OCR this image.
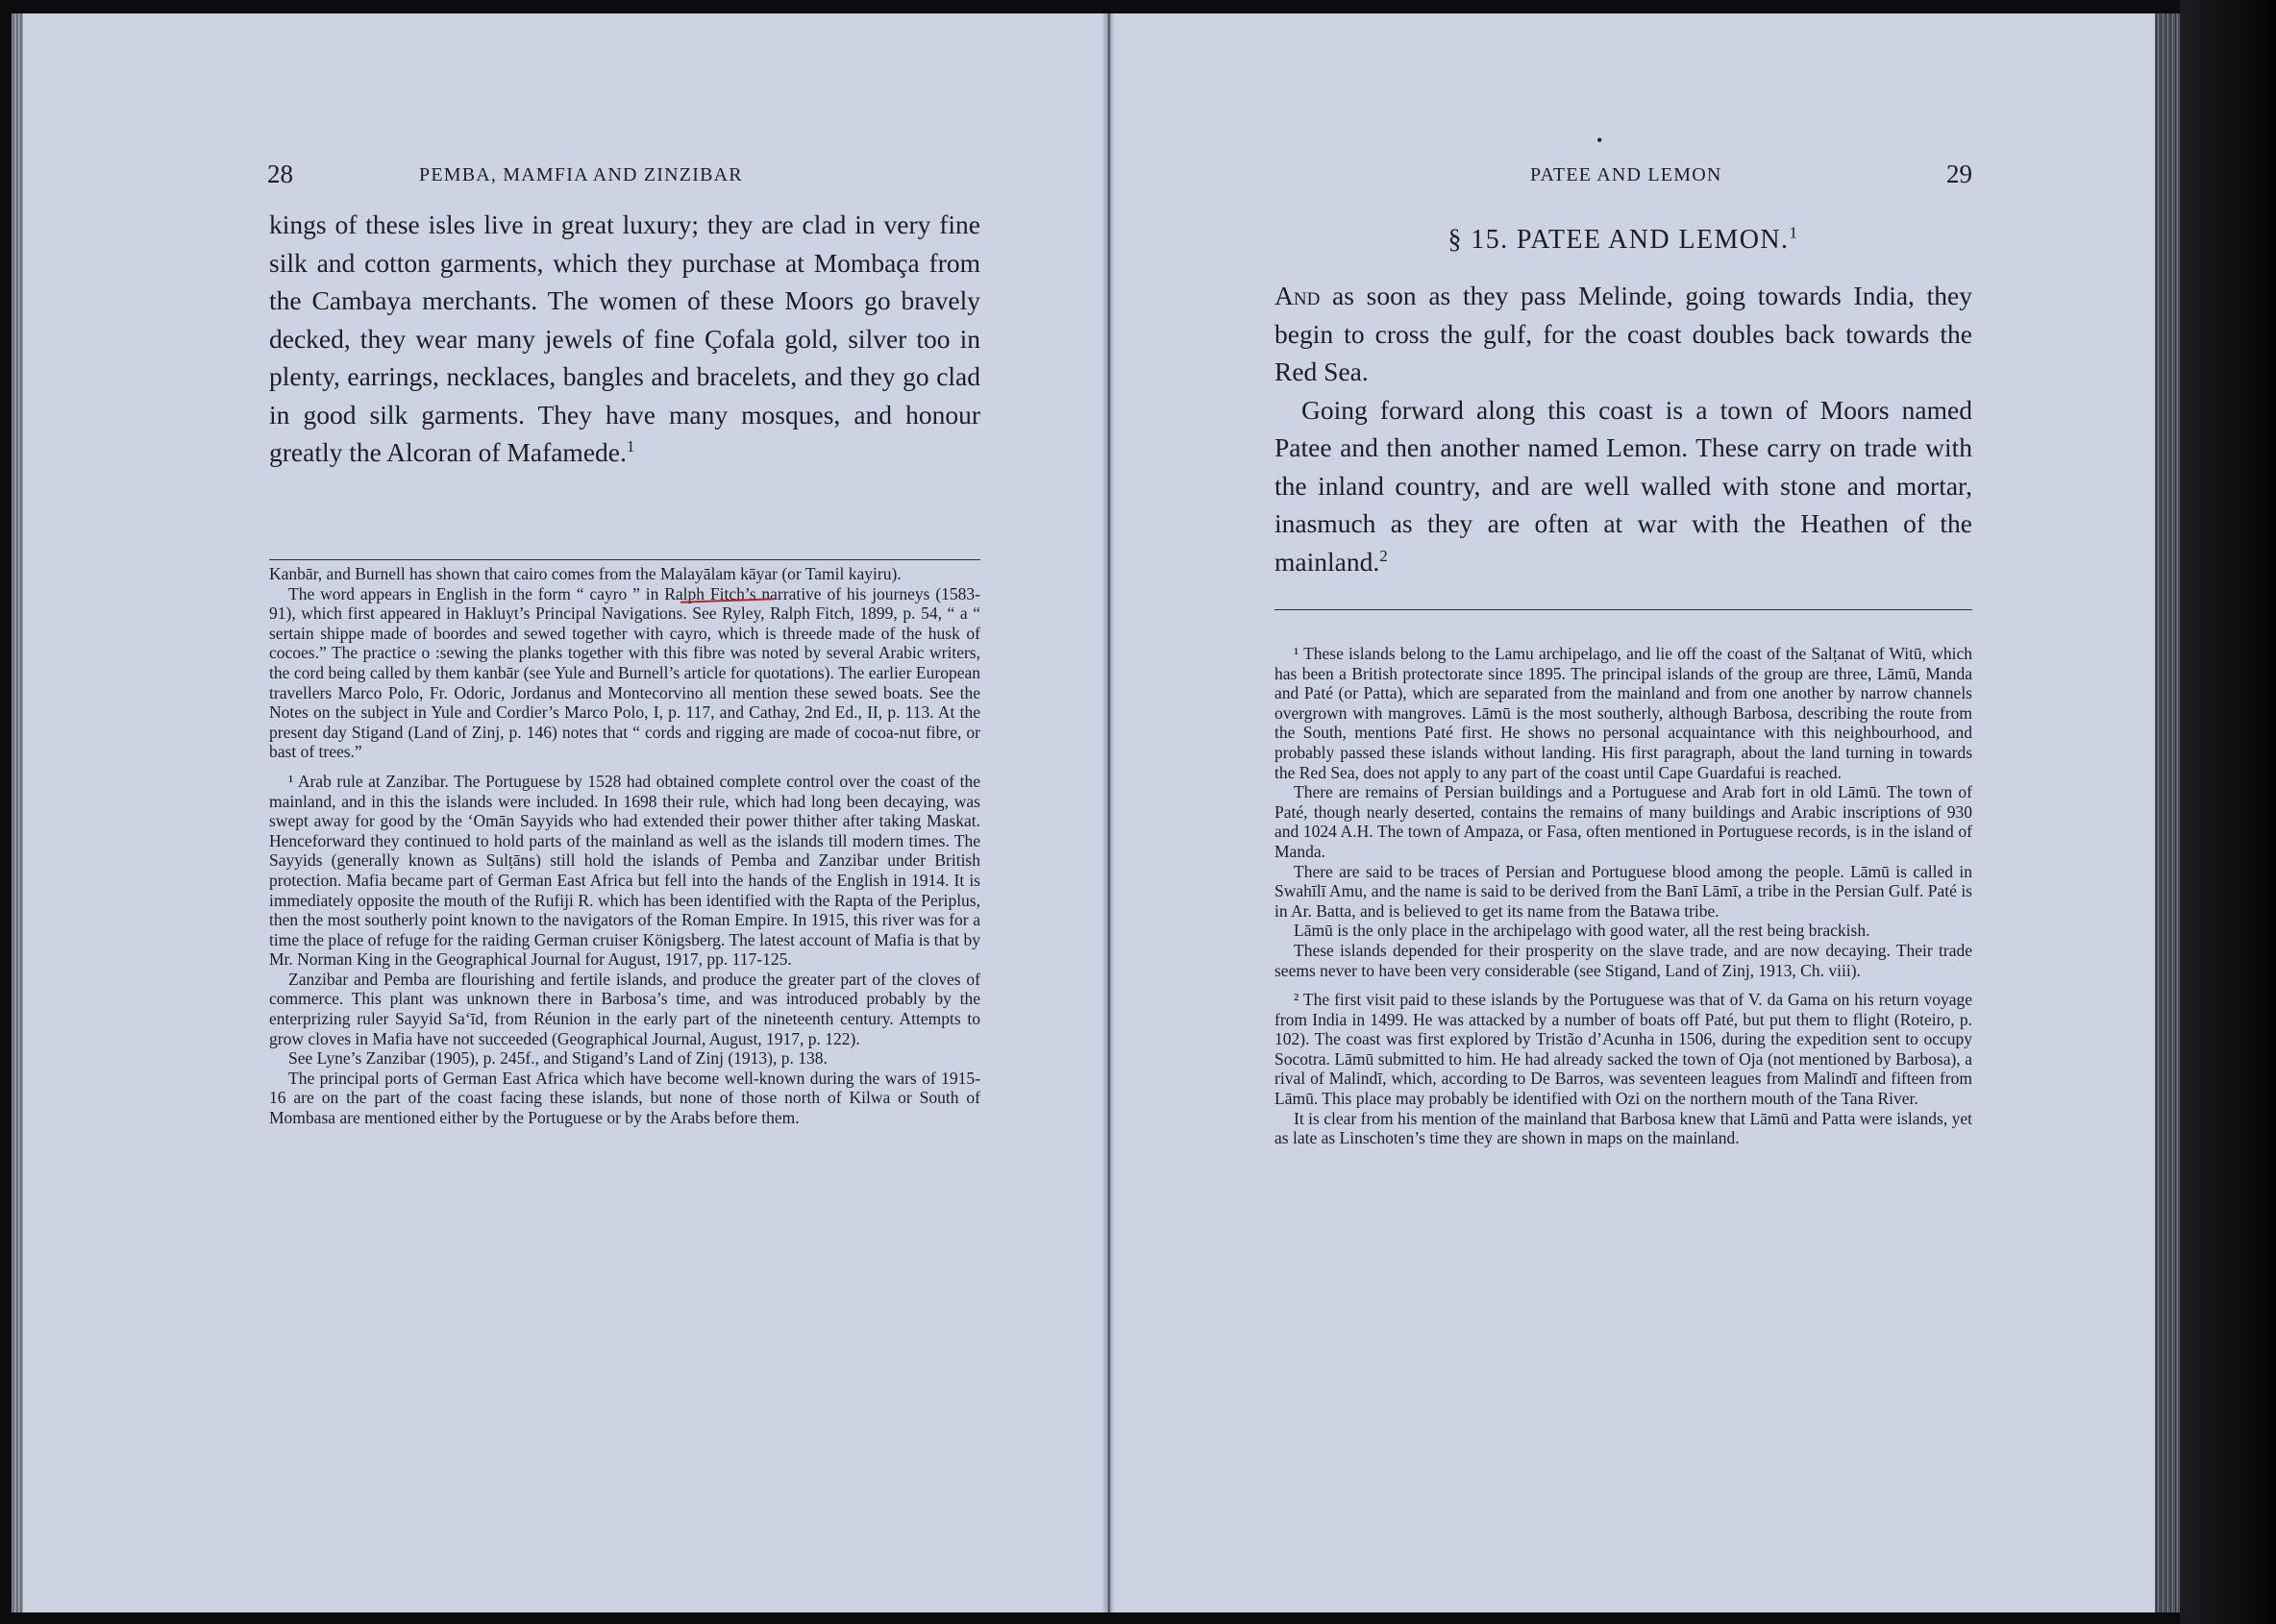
28	PEMBA, MAMFIA AND ZINZIBAR

kings of these isles live in great luxury; they are clad in very fine silk and cotton garments, which they purchase at Mombaça from the Cambaya merchants. The women of these Moors go bravely decked, they wear many jewels of fine Çofala gold, silver too in plenty, earrings, necklaces, bangles and bracelets, and they go clad in good silk garments. They have many mosques, and honour greatly the Alcoran of Mafamede.$^1$

Kanbār, and Burnell has shown that cairo comes from the Malayālam kāyar (or Tamil kayiru).

The word appears in English in the form “ cayro ” in Ralph Fitch’s narrative of his journeys (1583-91), which first appeared in Hakluyt’s Principal Navigations. See Ryley, Ralph Fitch, 1899, p. 54, “ a “ sertain shippe made of boordes and sewed together with cayro, which is threede made of the husk of cocoes.” The practice o :sewing the planks together with this fibre was noted by several Arabic writers, the cord being called by them kanbār (see Yule and Burnell’s article for quotations). The earlier European travellers Marco Polo, Fr. Odoric, Jordanus and Montecorvino all mention these sewed boats. See the Notes on the subject in Yule and Cordier’s Marco Polo, I, p. 117, and Cathay, 2nd Ed., II, p. 113. At the present day Stigand (Land of Zinj, p. 146) notes that “ cords and rigging are made of cocoa-nut fibre, or bast of trees.”

¹ Arab rule at Zanzibar. The Portuguese by 1528 had obtained complete control over the coast of the mainland, and in this the islands were included. In 1698 their rule, which had long been decaying, was swept away for good by the ‘Omān Sayyids who had extended their power thither after taking Maskat. Henceforward they continued to hold parts of the mainland as well as the islands till modern times. The Sayyids (generally known as Sulṭāns) still hold the islands of Pemba and Zanzibar under British protection. Mafia became part of German East Africa but fell into the hands of the English in 1914. It is immediately opposite the mouth of the Rufiji R. which has been identified with the Rapta of the Periplus, then the most southerly point known to the navigators of the Roman Empire. In 1915, this river was for a time the place of refuge for the raiding German cruiser Königsberg. The latest account of Mafia is that by Mr. Norman King in the Geographical Journal for August, 1917, pp. 117-125.

Zanzibar and Pemba are flourishing and fertile islands, and produce the greater part of the cloves of commerce. This plant was unknown there in Barbosa’s time, and was introduced probably by the enterprizing ruler Sayyid Sa‘īd, from Réunion in the early part of the nineteenth century. Attempts to grow cloves in Mafia have not succeeded (Geographical Journal, August, 1917, p. 122).

See Lyne’s Zanzibar (1905), p. 245f., and Stigand’s Land of Zinj (1913), p. 138.

The principal ports of German East Africa which have become well-known during the wars of 1915-16 are on the part of the coast facing these islands, but none of those north of Kilwa or South of Mombasa are mentioned either by the Portuguese or by the Arabs before them.

•
PATEE AND LEMON	29
§ 15. PATEE AND LEMON.$^1$

And as soon as they pass Melinde, going towards India, they begin to cross the gulf, for the coast doubles back towards the Red Sea.

Going forward along this coast is a town of Moors named Patee and then another named Lemon. These carry on trade with the inland country, and are well walled with stone and mortar, inasmuch as they are often at war with the Heathen of the mainland.$^2$

¹ These islands belong to the Lamu archipelago, and lie off the coast of the Salṭanat of Witū, which has been a British protectorate since 1895. The principal islands of the group are three, Lāmū, Manda and Paté (or Patta), which are separated from the mainland and from one another by narrow channels overgrown with mangroves. Lāmū is the most southerly, although Barbosa, describing the route from the South, mentions Paté first. He shows no personal acquaintance with this neighbourhood, and probably passed these islands without landing. His first paragraph, about the land turning in towards the Red Sea, does not apply to any part of the coast until Cape Guardafui is reached.

There are remains of Persian buildings and a Portuguese and Arab fort in old Lāmū. The town of Paté, though nearly deserted, contains the remains of many buildings and Arabic inscriptions of 930 and 1024 A.H. The town of Ampaza, or Fasa, often mentioned in Portuguese records, is in the island of Manda.

There are said to be traces of Persian and Portuguese blood among the people. Lāmū is called in Swahīlī Amu, and the name is said to be derived from the Banī Lāmī, a tribe in the Persian Gulf. Paté is in Ar. Batta, and is believed to get its name from the Batawa tribe.

Lāmū is the only place in the archipelago with good water, all the rest being brackish.

These islands depended for their prosperity on the slave trade, and are now decaying. Their trade seems never to have been very considerable (see Stigand, Land of Zinj, 1913, Ch. viii).

² The first visit paid to these islands by the Portuguese was that of V. da Gama on his return voyage from India in 1499. He was attacked by a number of boats off Paté, but put them to flight (Roteiro, p. 102). The coast was first explored by Tristão d’Acunha in 1506, during the expedition sent to occupy Socotra. Lāmū submitted to him. He had already sacked the town of Oja (not mentioned by Barbosa), a rival of Malindī, which, according to De Barros, was seventeen leagues from Malindī and fifteen from Lāmū. This place may probably be identified with Ozi on the northern mouth of the Tana River.

It is clear from his mention of the mainland that Barbosa knew that Lāmū and Patta were islands, yet as late as Linschoten’s time they are shown in maps on the mainland.
